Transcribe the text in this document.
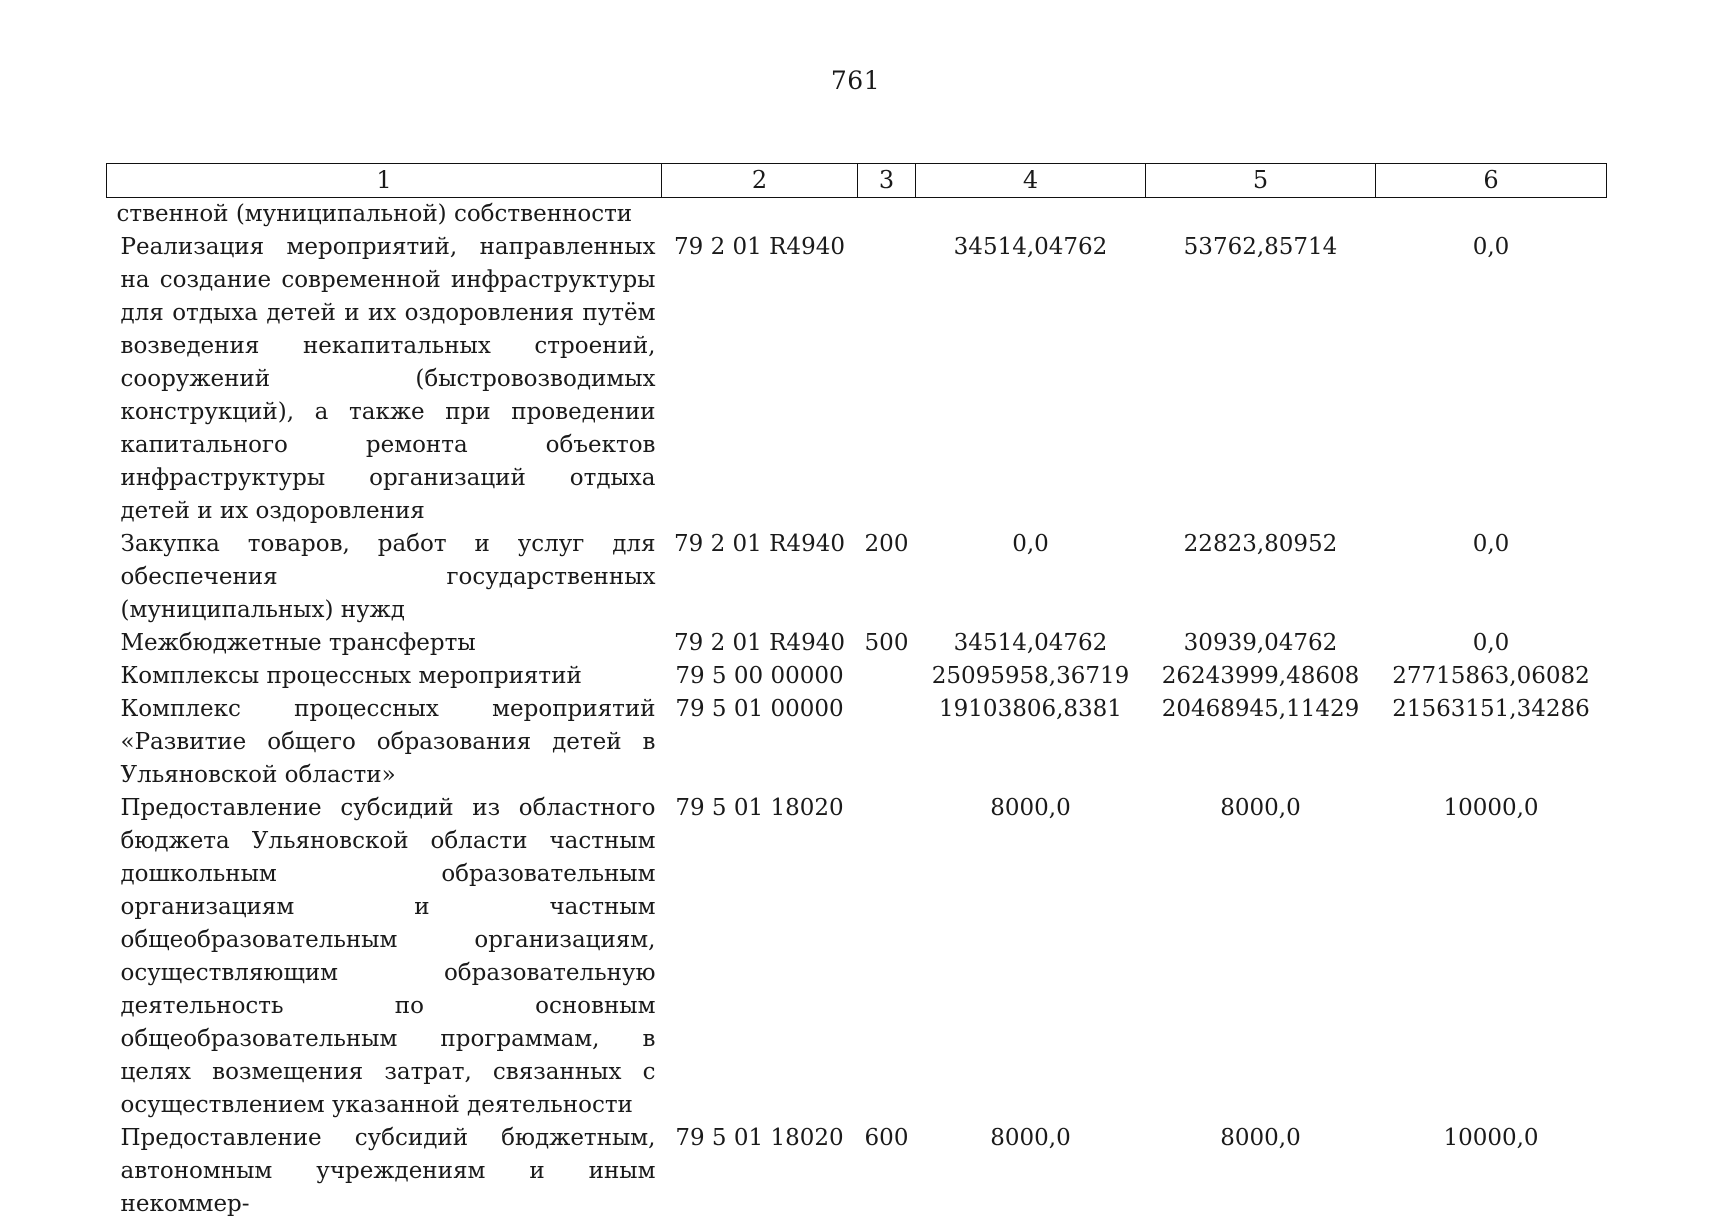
761
1	2	3	4	5	6
ственной (муниципальной) собственности					
Реализация мероприятий, направленных на создание современной инфраструктуры для отдыха детей и их оздоровления путём возведения некапитальных строений, сооружений (быстровозводимых конструкций), а также при проведении капитального ремонта объектов инфраструктуры организаций отдыха детей и их оздоровления	79 2 01 R4940		34514,04762	53762,85714	0,0
Закупка товаров, работ и услуг для обеспечения государственных (муниципальных) нужд	79 2 01 R4940	200	0,0	22823,80952	0,0
Межбюджетные трансферты	79 2 01 R4940	500	34514,04762	30939,04762	0,0
Комплексы процессных мероприятий	79 5 00 00000		25095958,36719	26243999,48608	27715863,06082
Комплекс процессных мероприятий «Развитие общего образования детей в Ульяновской области»	79 5 01 00000		19103806,8381	20468945,11429	21563151,34286
Предоставление субсидий из областного бюджета Ульяновской области частным дошкольным образовательным организациям и частным общеобразовательным организациям, осуществляющим образовательную деятельность по основным общеобразовательным программам, в целях возмещения затрат, связанных с осуществлением указанной деятельности	79 5 01 18020		8000,0	8000,0	10000,0
Предоставление субсидий бюджетным, автономным учреждениям и иным некоммер-	79 5 01 18020	600	8000,0	8000,0	10000,0
